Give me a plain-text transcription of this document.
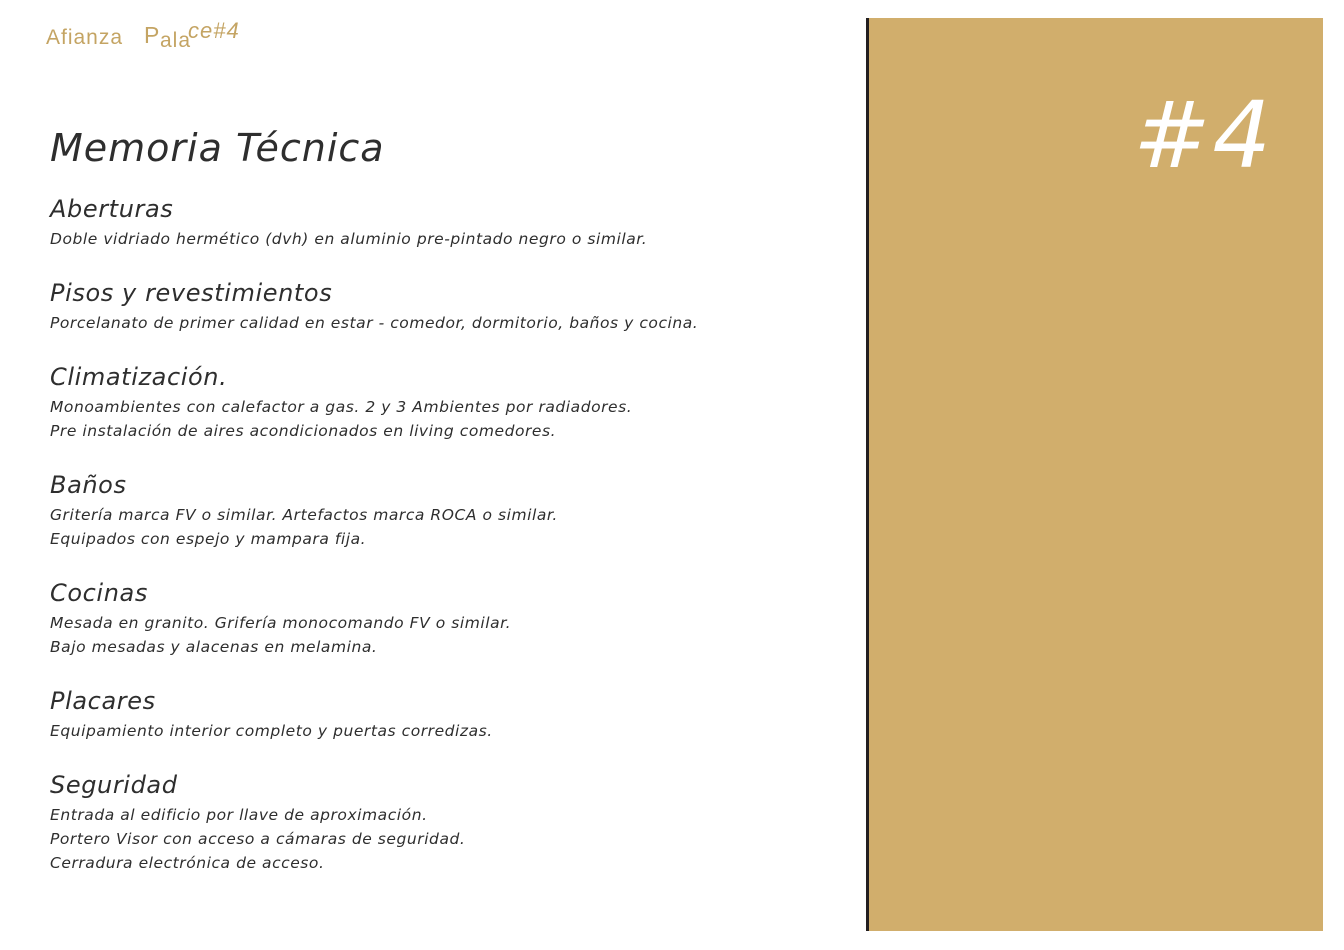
Afianza P ala
ce#4
Memoria Técnica
Aberturas
Doble vidriado hermético (dvh) en aluminio pre-pintado negro o similar.
Pisos y revestimientos
Porcelanato de primer calidad en estar - comedor, dormitorio, baños y cocina.
Climatización.
Monoambientes con calefactor a gas. 2 y 3 Ambientes por radiadores.
Pre instalación de aires acondicionados en living comedores.
Baños
Gritería marca FV o similar. Artefactos marca ROCA o similar.
Equipados con espejo y mampara fija.
Cocinas
Mesada en granito. Grifería monocomando FV o similar.
Bajo mesadas y alacenas en melamina.
Placares
Equipamiento interior completo y puertas corredizas.
Seguridad
Entrada al edificio por llave de aproximación.
Portero Visor con acceso a cámaras de seguridad.
Cerradura electrónica de acceso.
#4
